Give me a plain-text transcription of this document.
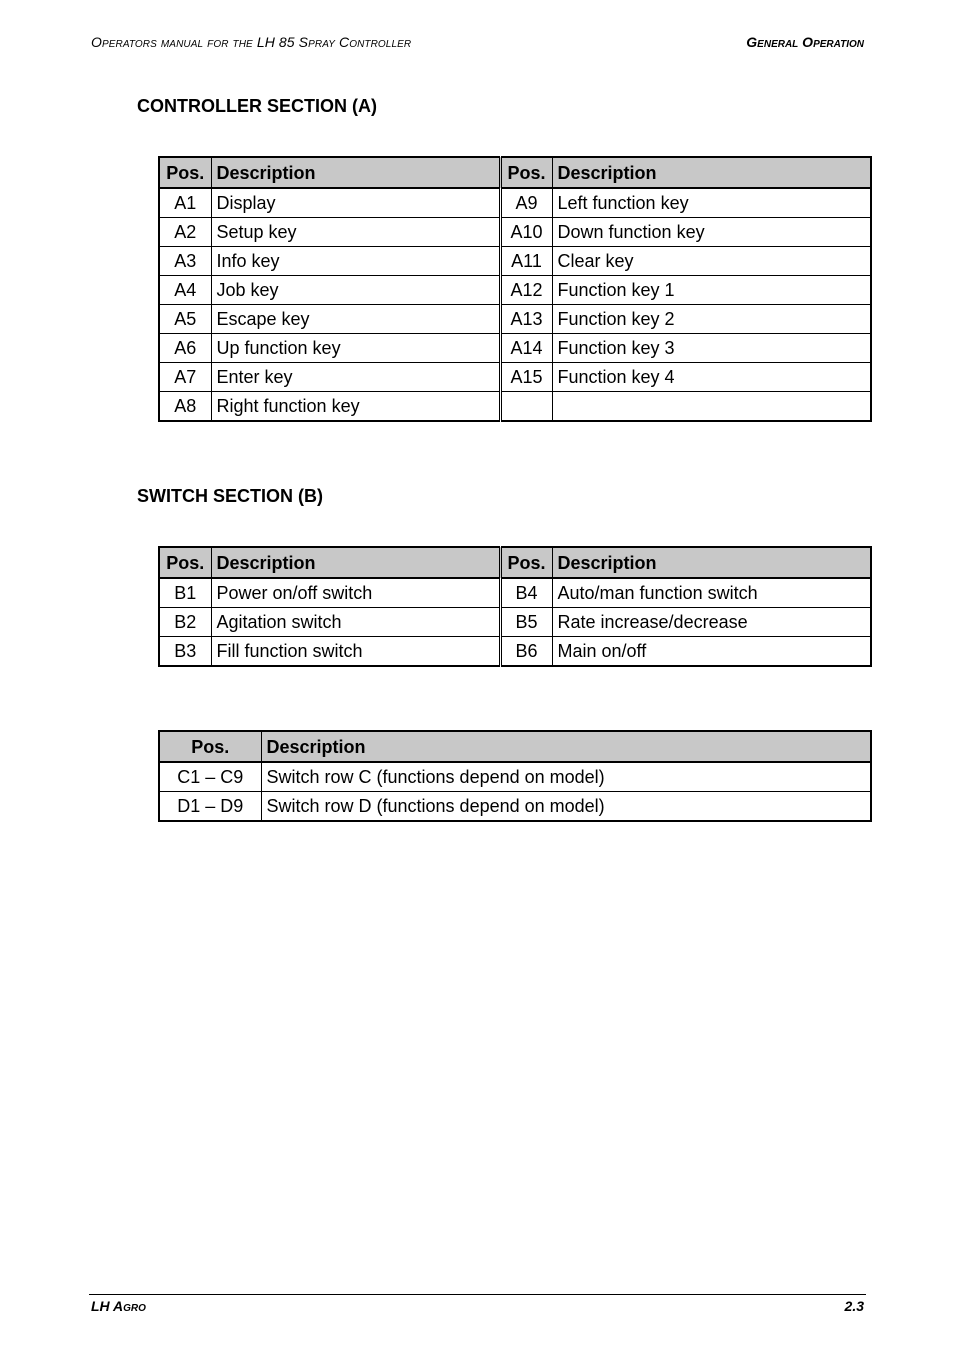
Operators manual for the LH 85 Spray Controller	General Operation
CONTROLLER SECTION (A)
Pos.	Description	Pos.	Description
A1	Display	A9	Left function key
A2	Setup key	A10	Down function key
A3	Info key	A11	Clear key
A4	Job key	A12	Function key 1
A5	Escape key	A13	Function key 2
A6	Up function key	A14	Function key 3
A7	Enter key	A15	Function key 4
A8	Right function key		
SWITCH SECTION (B)
Pos.	Description	Pos.	Description
B1	Power on/off switch	B4	Auto/man function switch
B2	Agitation switch	B5	Rate increase/decrease
B3	Fill function switch	B6	Main on/off
Pos.	Description
C1 – C9	Switch row C (functions depend on model)
D1 – D9	Switch row D (functions depend on model)
LH Agro	2.3
